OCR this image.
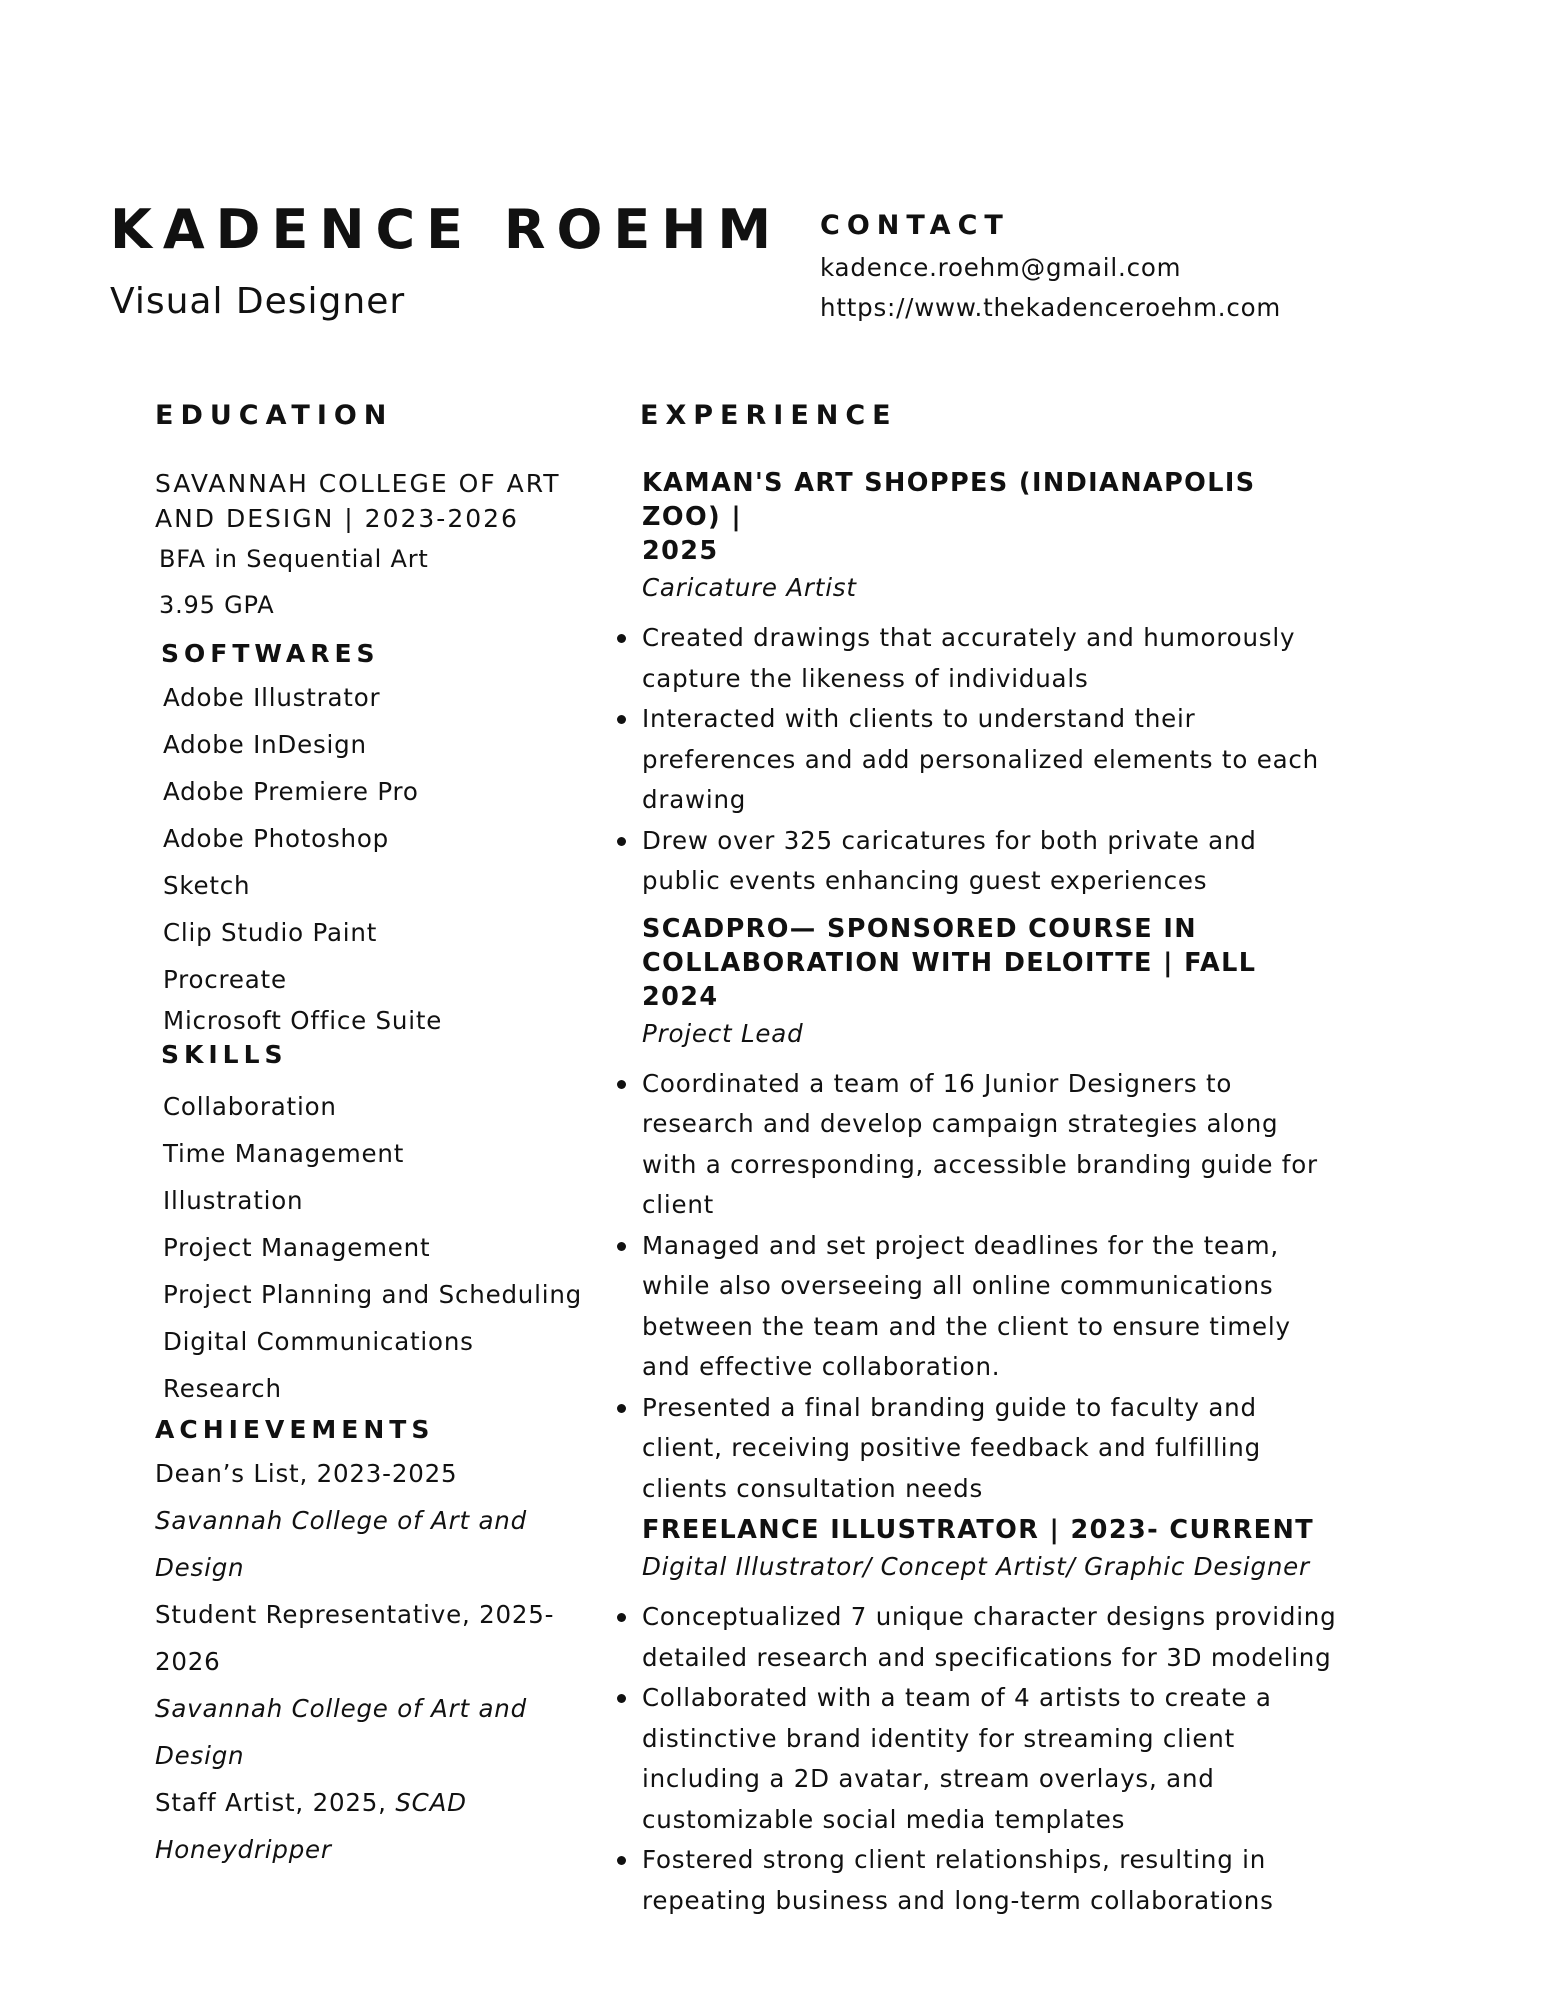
KADENCE ROEHM
Visual Designer
CONTACT
kadence.roehm@gmail.com
https://www.thekadenceroehm.com
EDUCATION
SAVANNAH COLLEGE OF ART
AND DESIGN | 2023-2026
BFA in Sequential Art
3.95 GPA
SOFTWARES
Adobe Illustrator
Adobe InDesign
Adobe Premiere Pro
Adobe Photoshop
Sketch
Clip Studio Paint
Procreate
Microsoft Office Suite
SKILLS
Collaboration
Time Management
Illustration
Project Management
Project Planning and Scheduling
Digital Communications
Research
ACHIEVEMENTS
Dean’s List, 2023-2025
Savannah College of Art and
Design
Student Representative, 2025-
2026
Savannah College of Art and
Design
Staff Artist, 2025, SCAD
Honeydripper
EXPERIENCE
KAMAN'S ART SHOPPES (INDIANAPOLIS ZOO) |
2025
Caricature Artist
Created drawings that accurately and humorously capture the likeness of individuals
Interacted with clients to understand their preferences and add personalized elements to each drawing
Drew over 325 caricatures for both private and public events enhancing guest experiences
SCADPRO— SPONSORED COURSE IN
COLLABORATION WITH DELOITTE | FALL 2024
Project Lead
Coordinated a team of 16 Junior Designers to research and develop campaign strategies along with a corresponding, accessible branding guide for client
Managed and set project deadlines for the team, while also overseeing all online communications between the team and the client to ensure timely and effective collaboration.
Presented a final branding guide to faculty and client, receiving positive feedback and fulfilling clients consultation needs
FREELANCE ILLUSTRATOR | 2023- CURRENT
Digital Illustrator/ Concept Artist/ Graphic Designer
Conceptualized 7 unique character designs providing detailed research and specifications for 3D modeling
Collaborated with a team of 4 artists to create a distinctive brand identity for streaming client including a 2D avatar, stream overlays, and customizable social media templates
Fostered strong client relationships, resulting in repeating business and long-term collaborations
